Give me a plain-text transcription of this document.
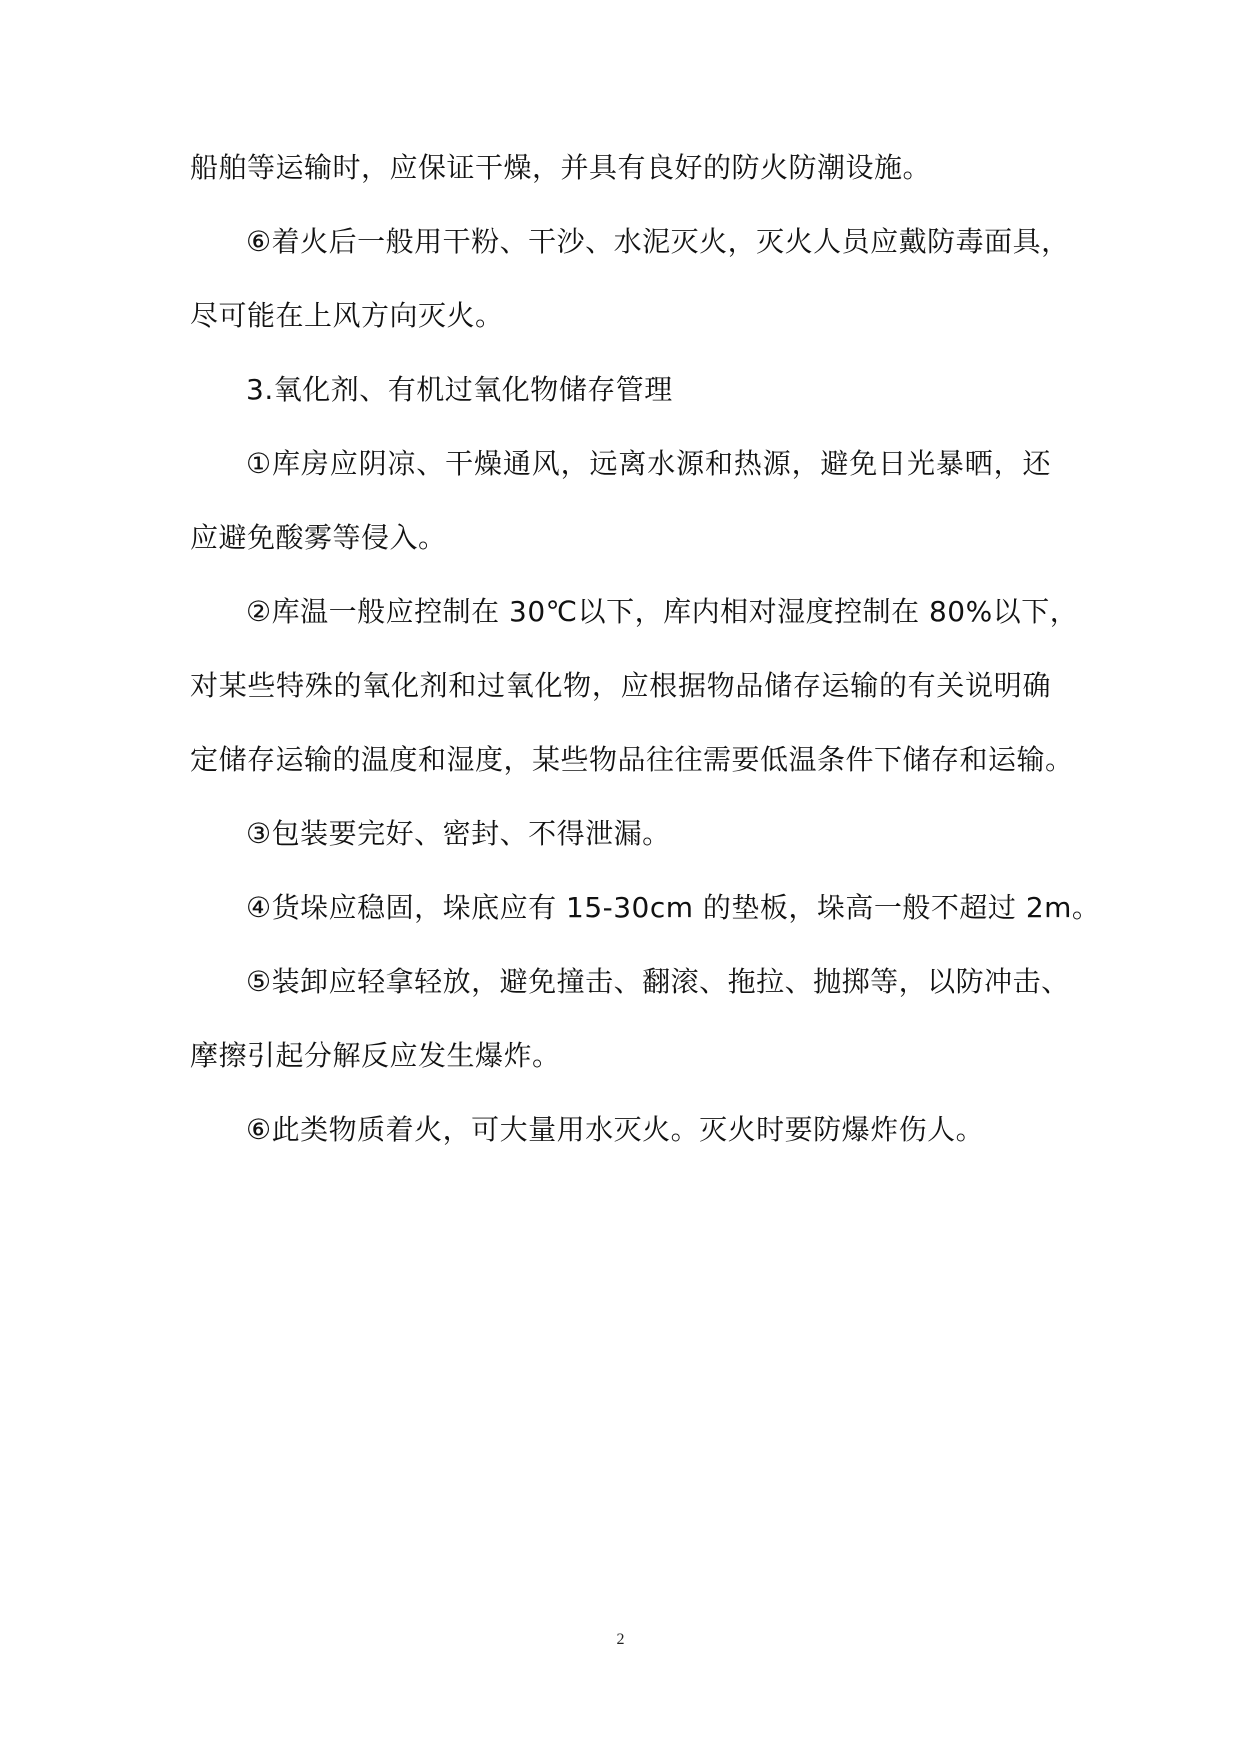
船舶等运输时，应保证干燥，并具有良好的防火防潮设施。
⑥着火后一般用干粉、干沙、水泥灭火，灭火人员应戴防毒面具，
尽可能在上风方向灭火。
3.氧化剂、有机过氧化物储存管理
①库房应阴凉、干燥通风，远离水源和热源，避免日光暴晒，还
应避免酸雾等侵入。
②库温一般应控制在 30℃以下，库内相对湿度控制在 80%以下，
对某些特殊的氧化剂和过氧化物，应根据物品储存运输的有关说明确
定储存运输的温度和湿度，某些物品往往需要低温条件下储存和运输。
③包装要完好、密封、不得泄漏。
④货垛应稳固，垛底应有 15-30cm 的垫板，垛高一般不超过 2m。
⑤装卸应轻拿轻放，避免撞击、翻滚、拖拉、抛掷等，以防冲击、
摩擦引起分解反应发生爆炸。
⑥此类物质着火，可大量用水灭火。灭火时要防爆炸伤人。
2
